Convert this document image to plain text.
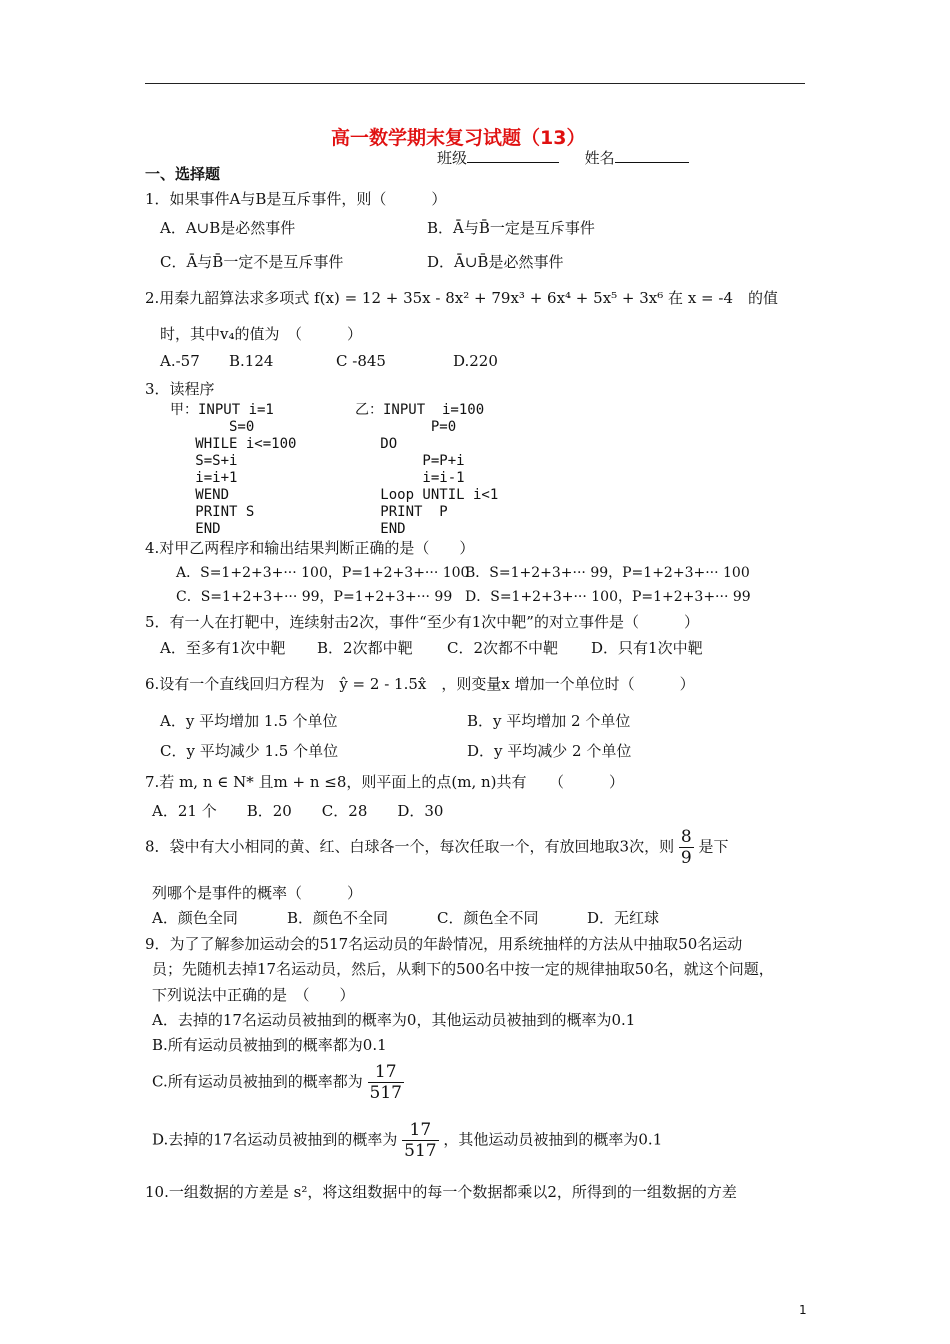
高一数学期末复习试题（13）
班级	姓名
一、选择题
1．如果事件A与B是互斥事件，则（　　　）
A．A∪B是必然事件	B．Ā与B̄一定是互斥事件
C．Ā与B̄一定不是互斥事件	D．Ā∪B̄是必然事件
2.用秦九韶算法求多项式 f(x) = 12 + 35x - 8x² + 79x³ + 6x⁴ + 5x⁵ + 3x⁶ 在 x = -4　的值
时，其中v₄的值为　（　　　）
A.-57 B.124	C -845	D.220
3．读程序
甲：INPUT i=1
S=0
WHILE i<=100
S=S+i
i=i+1
WEND
PRINT S
END
乙：INPUT  i=100
P=0
DO
P=P+i
i=i-1
Loop UNTIL i<1
PRINT  P
END
4.对甲乙两程序和输出结果判断正确的是（　　）
A．S=1+2+3+··· 100，P=1+2+3+··· 100
B．S=1+2+3+··· 99，P=1+2+3+··· 100
C．S=1+2+3+··· 99，P=1+2+3+··· 99 D．S=1+2+3+··· 100，P=1+2+3+··· 99
5．有一人在打靶中，连续射击2次，事件“至少有1次中靶”的对立事件是（　　　）
A．至多有1次中靶 B．2次都中靶 C．2次都不中靶 D．只有1次中靶
6.设有一个直线回归方程为　ŷ = 2 - 1.5x̂　，则变量x 增加一个单位时（　　　）
A．y 平均增加 1.5 个单位	B．y 平均增加 2 个单位
C．y 平均减少 1.5 个单位	D．y 平均减少 2 个单位
7.若 m, n ∈ N* 且m + n ≤8，则平面上的点(m, n)共有　　（　　　）
A．21 个　　B．20　　C．28　　D．30
8．袋中有大小相同的黄、红、白球各一个，每次任取一个，有放回地取3次，则 $\frac{8}{9}$ 是下
列哪个是事件的概率（　　　）
A．颜色全同	B．颜色不全同	C．颜色全不同	D．无红球
9．为了了解参加运动会的517名运动员的年龄情况，用系统抽样的方法从中抽取50名运动
员；先随机去掉17名运动员，然后，从剩下的500名中按一定的规律抽取50名，就这个问题，
下列说法中正确的是　（　　）
A．去掉的17名运动员被抽到的概率为0，其他运动员被抽到的概率为0.1
B.所有运动员被抽到的概率都为0.1
C.所有运动员被抽到的概率都为 $\frac{17}{517}$
D.去掉的17名运动员被抽到的概率为 $\frac{17}{517}$ ，其他运动员被抽到的概率为0.1
10.一组数据的方差是 s²，将这组数据中的每一个数据都乘以2，所得到的一组数据的方差
1
